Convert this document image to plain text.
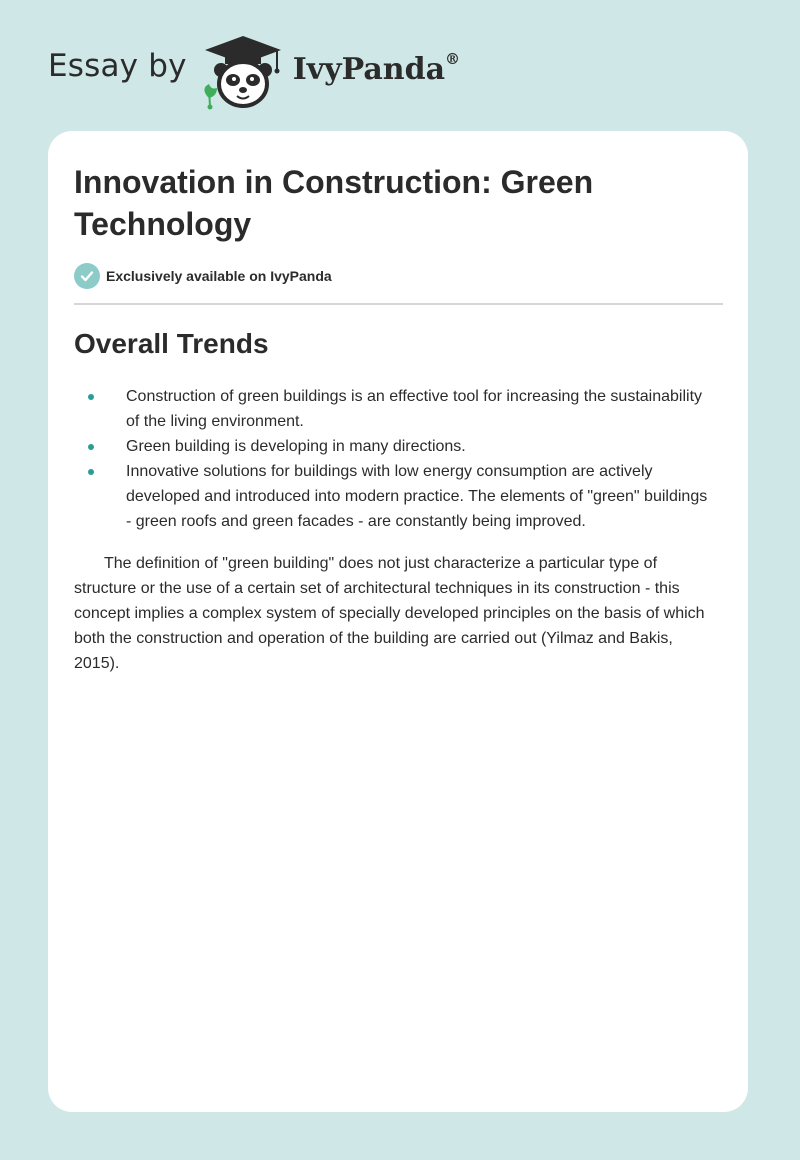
Essay by	IvyPanda®
Innovation in Construction: Green Technology
Exclusively available on IvyPanda
Overall Trends
Construction of green buildings is an effective tool for increasing the sustainability of the living environment.
Green building is developing in many directions.
Innovative solutions for buildings with low energy consumption are actively developed and introduced into modern practice. The elements of "green" buildings - green roofs and green facades - are constantly being improved.

The definition of "green building" does not just characterize a particular type of structure or the use of a certain set of architectural techniques in its construction - this concept implies a complex system of specially developed principles on the basis of which both the construction and operation of the building are carried out (Yilmaz and Bakis, 2015).
